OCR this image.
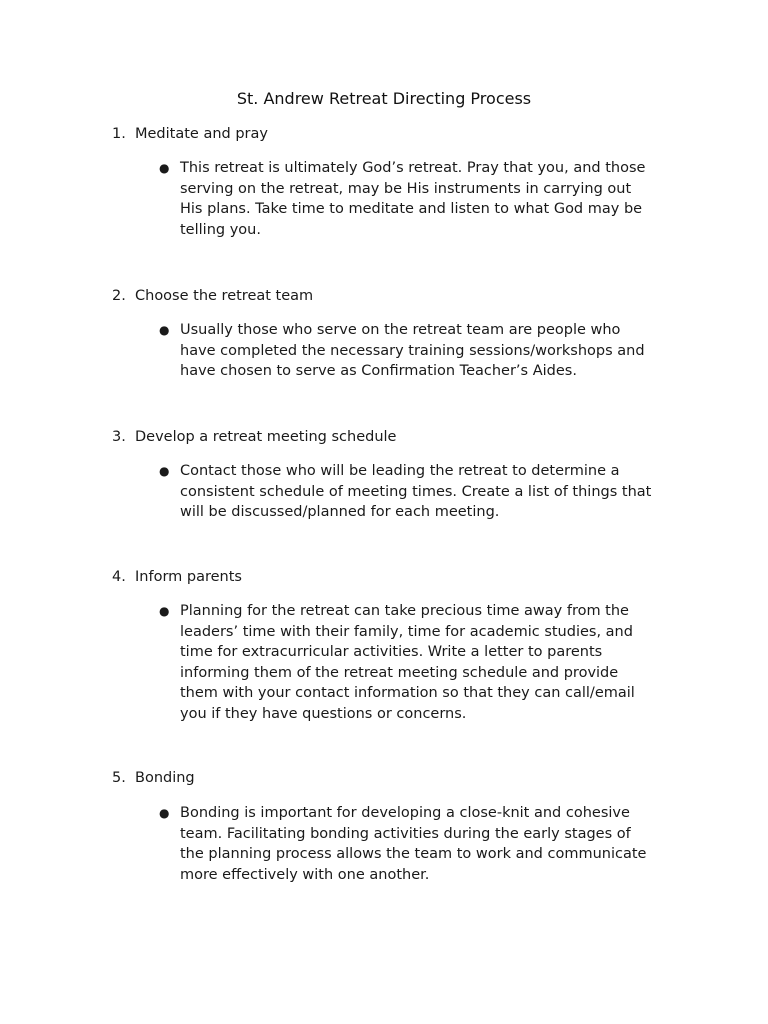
St. Andrew Retreat Directing Process
1. Meditate and pray
● This retreat is ultimately God’s retreat. Pray that you, and those
serving on the retreat, may be His instruments in carrying out
His plans. Take time to meditate and listen to what God may be
telling you.
2. Choose the retreat team
● Usually those who serve on the retreat team are people who
have completed the necessary training sessions/workshops and
have chosen to serve as Confirmation Teacher’s Aides.
3. Develop a retreat meeting schedule
● Contact those who will be leading the retreat to determine a
consistent schedule of meeting times. Create a list of things that
will be discussed/planned for each meeting.
4. Inform parents
● Planning for the retreat can take precious time away from the
leaders’ time with their family, time for academic studies, and
time for extracurricular activities. Write a letter to parents
informing them of the retreat meeting schedule and provide
them with your contact information so that they can call/email
you if they have questions or concerns.
5. Bonding
● Bonding is important for developing a close-knit and cohesive
team. Facilitating bonding activities during the early stages of
the planning process allows the team to work and communicate
more effectively with one another.
